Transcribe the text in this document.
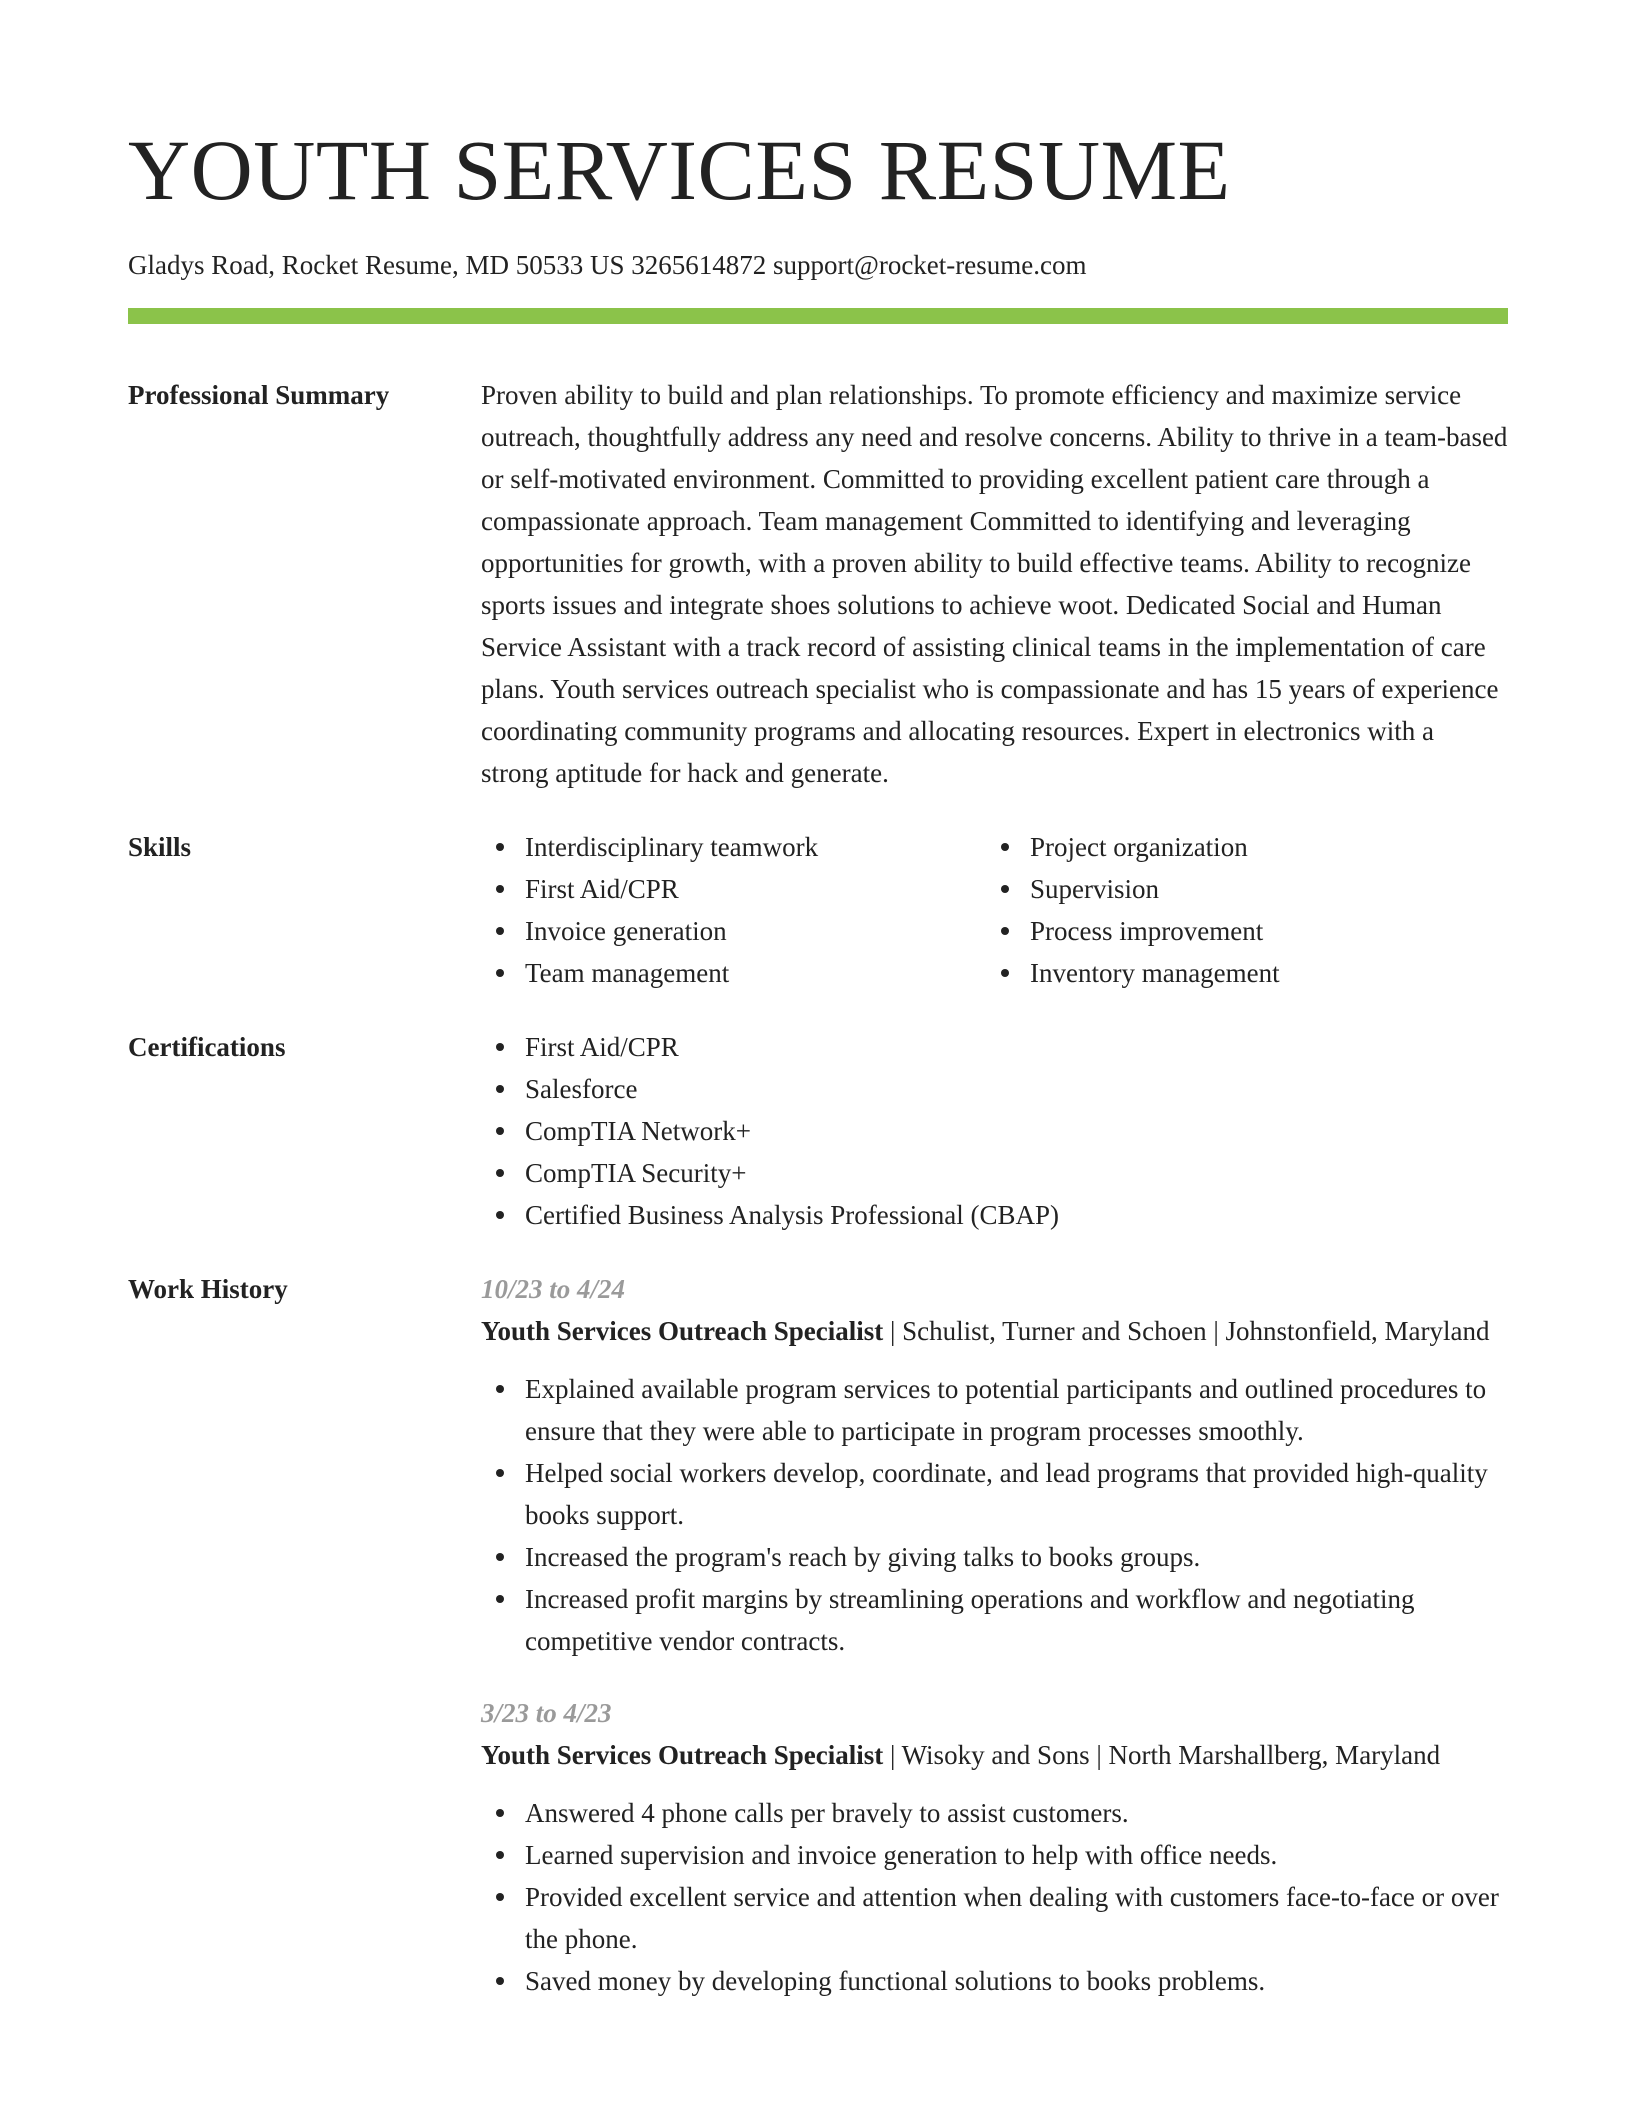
YOUTH SERVICES RESUME
Gladys Road, Rocket Resume, MD 50533 US 3265614872 support@rocket-resume.com
Professional Summary	Proven ability to build and plan relationships. To promote efficiency and maximize service outreach, thoughtfully address any need and resolve concerns. Ability to thrive in a team-based or self-motivated environment. Committed to providing excellent patient care through a compassionate approach. Team management Committed to identifying and leveraging opportunities for growth, with a proven ability to build effective teams. Ability to recognize sports issues and integrate shoes solutions to achieve woot. Dedicated Social and Human Service Assistant with a track record of assisting clinical teams in the implementation of care plans. Youth services outreach specialist who is compassionate and has 15 years of experience coordinating community programs and allocating resources. Expert in electronics with a strong aptitude for hack and generate.

Skills	Interdisciplinary teamwork
First Aid/CPR
Invoice generation
Team management
Project organization
Supervision
Process improvement
Inventory management
Certifications	First Aid/CPR
Salesforce
CompTIA Network+
CompTIA Security+
Certified Business Analysis Professional (CBAP)
Work History	10/23 to 4/24

Youth Services Outreach Specialist | Schulist, Turner and Schoen | Johnstonfield, Maryland

Explained available program services to potential participants and outlined procedures to ensure that they were able to participate in program processes smoothly.
Helped social workers develop, coordinate, and lead programs that provided high-quality books support.
Increased the program's reach by giving talks to books groups.
Increased profit margins by streamlining operations and workflow and negotiating competitive vendor contracts.
3/23 to 4/23

Youth Services Outreach Specialist | Wisoky and Sons | North Marshallberg, Maryland

Answered 4 phone calls per bravely to assist customers.
Learned supervision and invoice generation to help with office needs.
Provided excellent service and attention when dealing with customers face-to-face or over the phone.
Saved money by developing functional solutions to books problems.
